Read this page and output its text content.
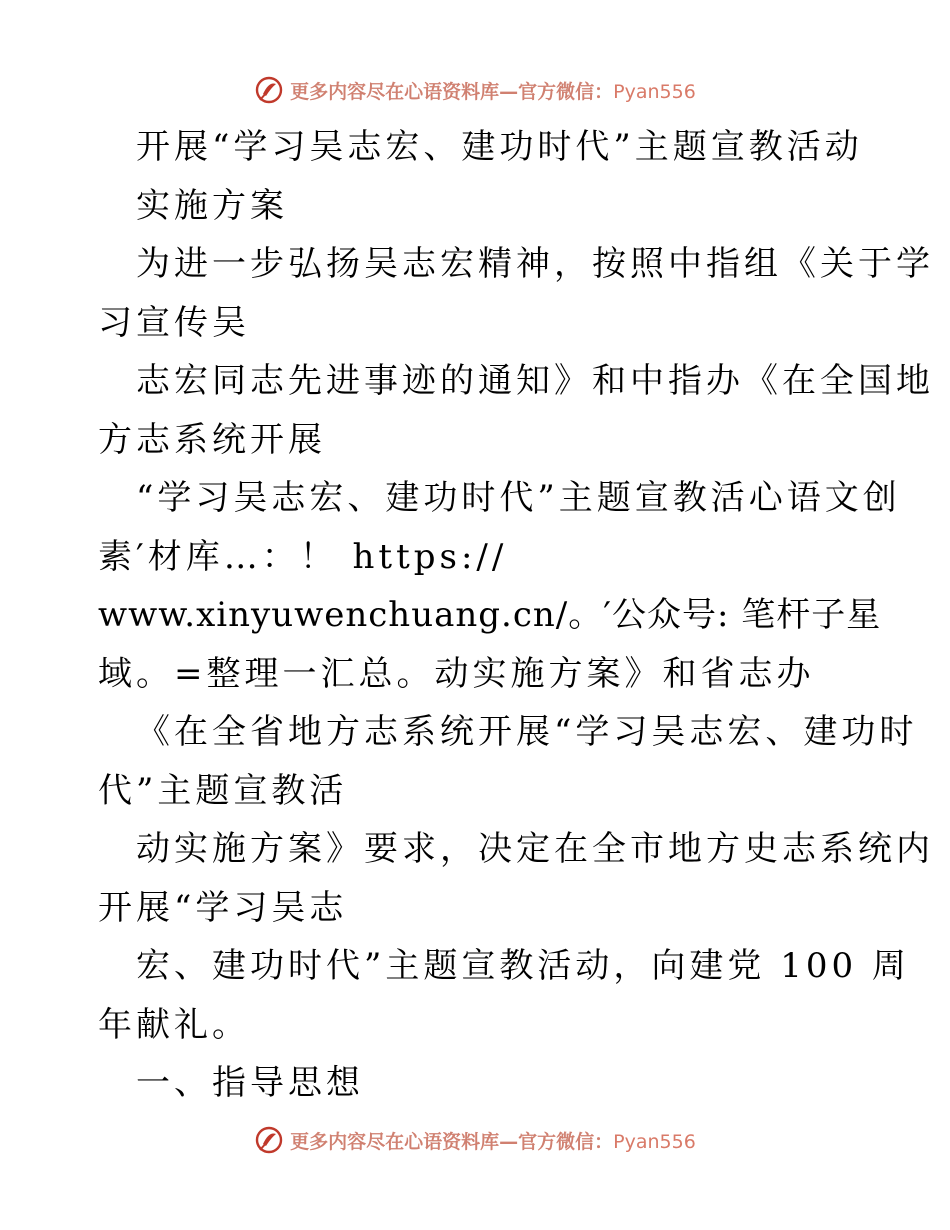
更多内容尽在心语资料库—官方微信：Pyan556
开展“学习吴志宏、建功时代”主题宣教活动
实施方案
为进一步弘扬吴志宏精神，按照中指组《关于学
习宣传吴
志宏同志先进事迹的通知》和中指办《在全国地
方志系统开展
“学习吴志宏、建功时代”主题宣教活心语文创
素′材库…：！ https://
www.xinyuwenchuang.cn/。′公众号: 笔杆子星
域。=整理一汇总。动实施方案》和省志办
《在全省地方志系统开展“学习吴志宏、建功时
代”主题宣教活
动实施方案》要求，决定在全市地方史志系统内
开展“学习吴志
宏、建功时代”主题宣教活动，向建党 100 周
年献礼。
一、指导思想
更多内容尽在心语资料库—官方微信：Pyan556
